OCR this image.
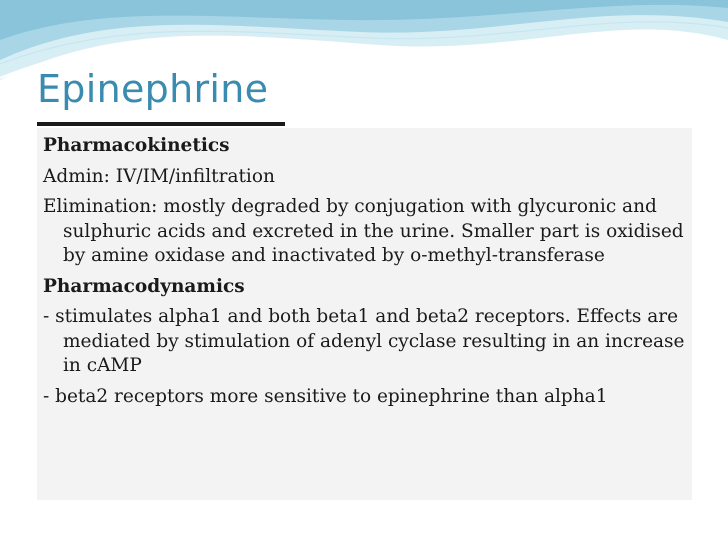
Epinephrine

Pharmacokinetics

Admin: IV/IM/infiltration

Elimination: mostly degraded by conjugation with glycuronic and sulphuric acids and excreted in the urine. Smaller part is oxidised by amine oxidase and inactivated by o-methyl-transferase

Pharmacodynamics

- stimulates alpha1 and both beta1 and beta2 receptors. Effects are mediated by stimulation of adenyl cyclase resulting in an increase in cAMP

- beta2 receptors more sensitive to epinephrine than alpha1
